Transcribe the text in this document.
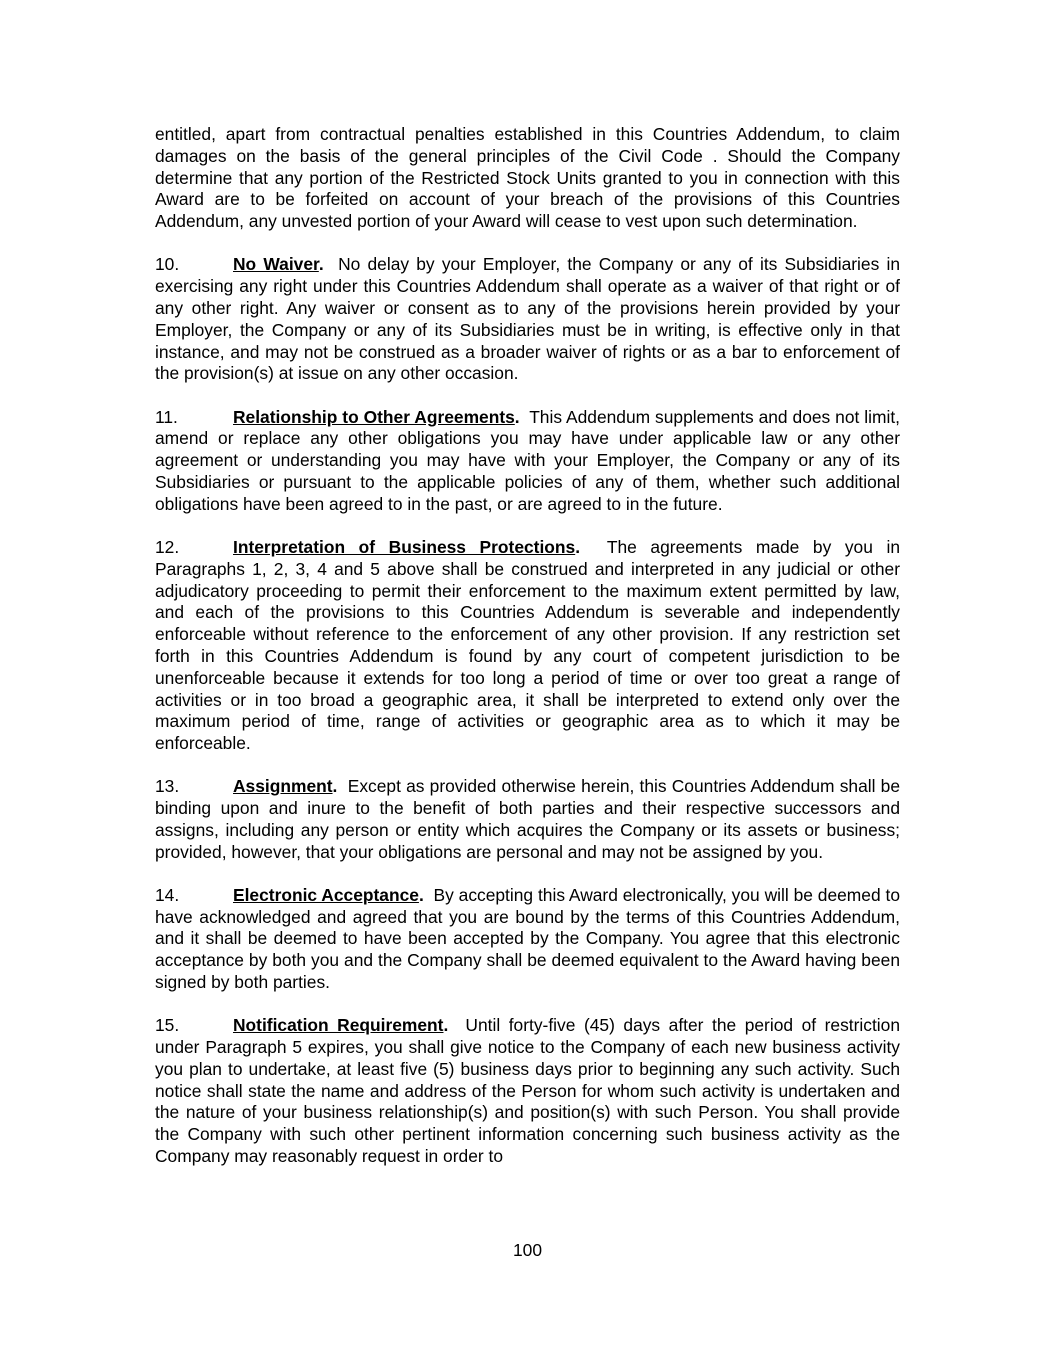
entitled, apart from contractual penalties established in this Countries Addendum, to claim damages on the basis of the general principles of the Civil Code . Should the Company determine that any portion of the Restricted Stock Units granted to you in connection with this Award are to be forfeited on account of your breach of the provisions of this Countries Addendum, any unvested portion of your Award will cease to vest upon such determination.

10.	No Waiver. No delay by your Employer, the Company or any of its Subsidiaries in exercising any right under this Countries Addendum shall operate as a waiver of that right or of any other right. Any waiver or consent as to any of the provisions herein provided by your Employer, the Company or any of its Subsidiaries must be in writing, is effective only in that instance, and may not be construed as a broader waiver of rights or as a bar to enforcement of the provision(s) at issue on any other occasion.

11.	Relationship to Other Agreements. This Addendum supplements and does not limit, amend or replace any other obligations you may have under applicable law or any other agreement or understanding you may have with your Employer, the Company or any of its Subsidiaries or pursuant to the applicable policies of any of them, whether such additional obligations have been agreed to in the past, or are agreed to in the future.

12.	Interpretation of Business Protections. The agreements made by you in Paragraphs 1, 2, 3, 4 and 5 above shall be construed and interpreted in any judicial or other adjudicatory proceeding to permit their enforcement to the maximum extent permitted by law, and each of the provisions to this Countries Addendum is severable and independently enforceable without reference to the enforcement of any other provision. If any restriction set forth in this Countries Addendum is found by any court of competent jurisdiction to be unenforceable because it extends for too long a period of time or over too great a range of activities or in too broad a geographic area, it shall be interpreted to extend only over the maximum period of time, range of activities or geographic area as to which it may be enforceable.

13.	Assignment. Except as provided otherwise herein, this Countries Addendum shall be binding upon and inure to the benefit of both parties and their respective successors and assigns, including any person or entity which acquires the Company or its assets or business; provided, however, that your obligations are personal and may not be assigned by you.

14.	Electronic Acceptance. By accepting this Award electronically, you will be deemed to have acknowledged and agreed that you are bound by the terms of this Countries Addendum, and it shall be deemed to have been accepted by the Company. You agree that this electronic acceptance by both you and the Company shall be deemed equivalent to the Award having been signed by both parties.

15.	Notification Requirement. Until forty-five (45) days after the period of restriction under Paragraph 5 expires, you shall give notice to the Company of each new business activity you plan to undertake, at least five (5) business days prior to beginning any such activity. Such notice shall state the name and address of the Person for whom such activity is undertaken and the nature of your business relationship(s) and position(s) with such Person. You shall provide the Company with such other pertinent information concerning such business activity as the Company may reasonably request in order to

100
